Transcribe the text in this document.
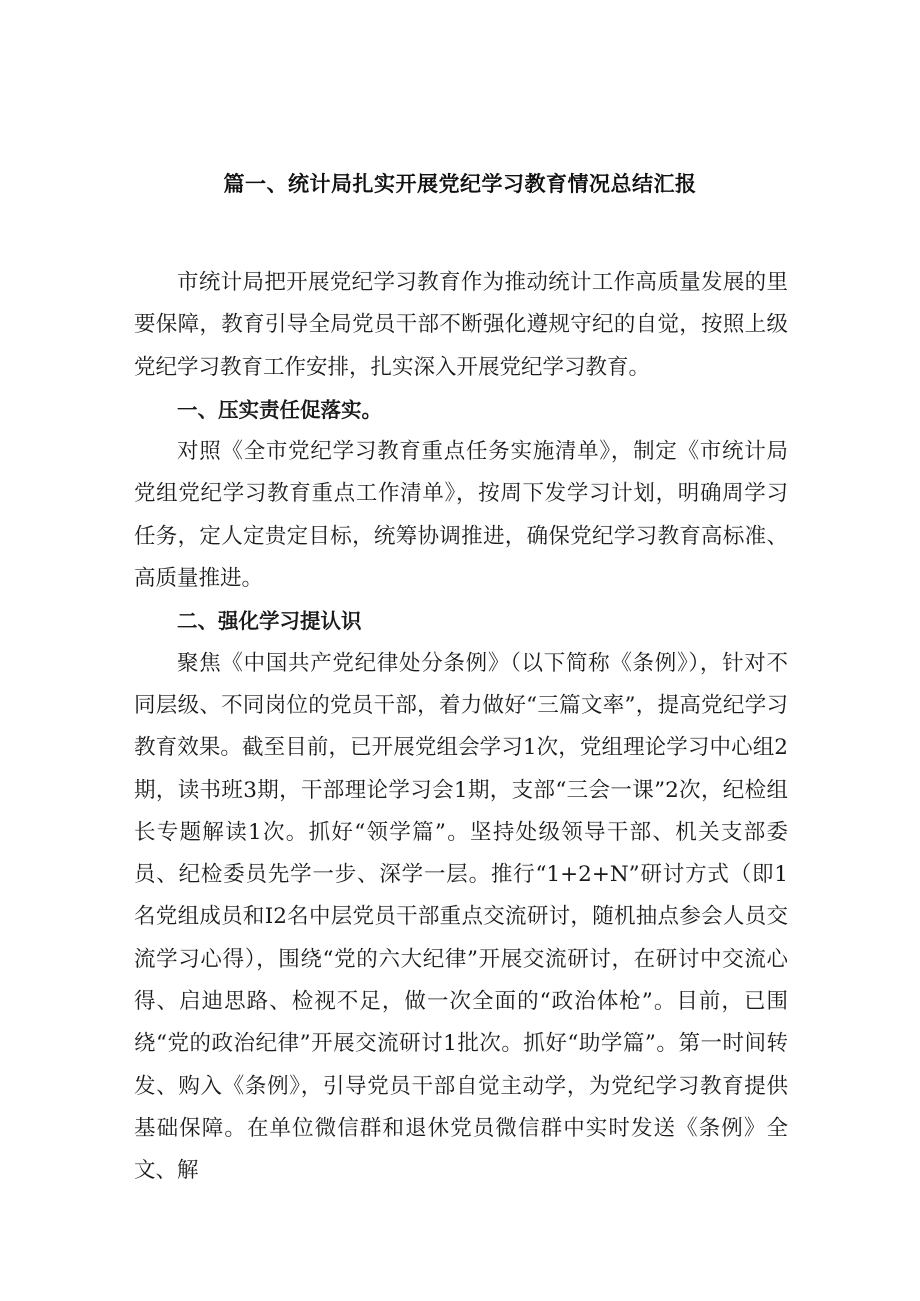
篇一、统计局扎实开展党纪学习教育情况总结汇报

市统计局把开展党纪学习教育作为推动统计工作高质量发展的里要保障，教育引导全局党员干部不断强化遵规守纪的自觉，按照上级党纪学习教育工作安排，扎实深入开展党纪学习教育。

一、压实责任促落实。

对照《全市党纪学习教育重点任务实施清单》，制定《市统计局党组党纪学习教育重点工作清单》，按周下发学习计划，明确周学习任务，定人定贵定目标，统筹协调推进，确保党纪学习教育高标准、高质量推进。

二、强化学习提认识

聚焦《中国共产党纪律处分条例》（以下简称《条例》），针对不同层级、不同岗位的党员干部，着力做好“三篇文率”，提高党纪学习教育效果。截至目前，已开展党组会学习1次，党组理论学习中心组2期，读书班3期，干部理论学习会1期，支部“三会一课”2次，纪检组长专题解读1次。抓好“领学篇”。坚持处级领导干部、机关支部委员、纪检委员先学一步、深学一层。推行“1+2+N”研讨方式（即1名党组成员和I2名中层党员干部重点交流研讨，随机抽点参会人员交流学习心得），围绕“党的六大纪律”开展交流研讨，在研讨中交流心得、启迪思路、检视不足，做一次全面的“政治体枪”。目前，已围绕“党的政治纪律”开展交流研讨1批次。抓好“助学篇”。第一时间转发、购入《条例》，引导党员干部自觉主动学，为党纪学习教育提供基础保障。在单位微信群和退休党员微信群中实时发送《条例》全文、解
